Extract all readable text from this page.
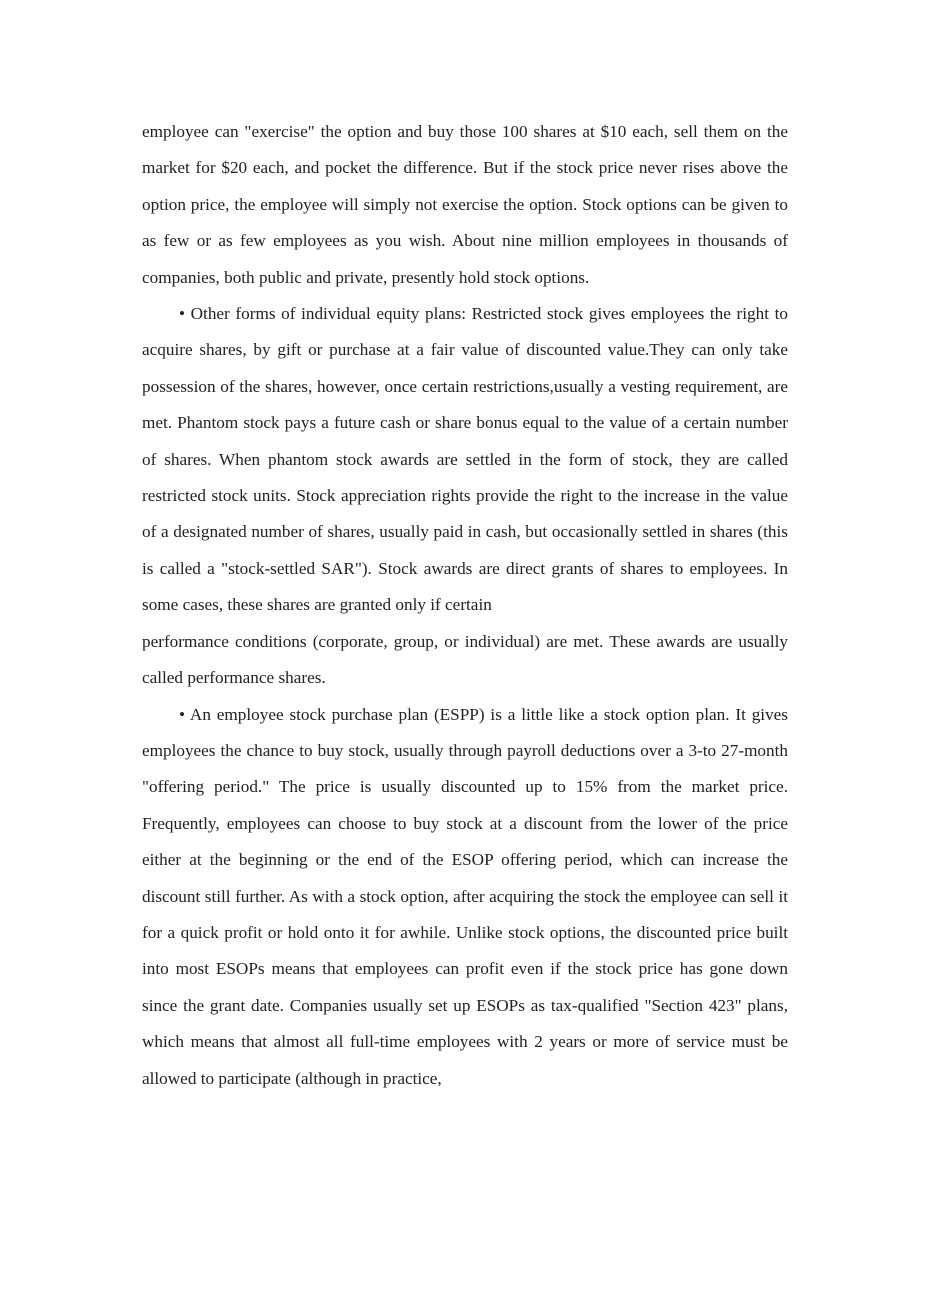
employee can "exercise" the option and buy those 100 shares at $10 each, sell them on the market for $20 each, and pocket the difference. But if the stock price never rises above the option price, the employee will simply not exercise the option. Stock options can be given to as few or as few employees as you wish. About nine million employees in thousands of companies, both public and private, presently hold stock options.

• Other forms of individual equity plans: Restricted stock gives employees the right to acquire shares, by gift or purchase at a fair value of discounted value.They can only take possession of the shares, however, once certain restrictions,usually a vesting requirement, are met. Phantom stock pays a future cash or share bonus equal to the value of a certain number of shares. When phantom stock awards are settled in the form of stock, they are called restricted stock units. Stock appreciation rights provide the right to the increase in the value of a designated number of shares, usually paid in cash, but occasionally settled in shares (this is called a "stock-settled SAR"). Stock awards are direct grants of shares to employees. In some cases, these shares are granted only if certain

performance conditions (corporate, group, or individual) are met. These awards are usually called performance shares.

• An employee stock purchase plan (ESPP) is a little like a stock option plan. It gives employees the chance to buy stock, usually through payroll deductions over a 3-to 27-month "offering period." The price is usually discounted up to 15% from the market price. Frequently, employees can choose to buy stock at a discount from the lower of the price either at the beginning or the end of the ESOP offering period, which can increase the discount still further. As with a stock option, after acquiring the stock the employee can sell it for a quick profit or hold onto it for awhile. Unlike stock options, the discounted price built into most ESOPs means that employees can profit even if the stock price has gone down since the grant date. Companies usually set up ESOPs as tax-qualified "Section 423" plans, which means that almost all full-time employees with 2 years or more of service must be allowed to participate (although in practice,
